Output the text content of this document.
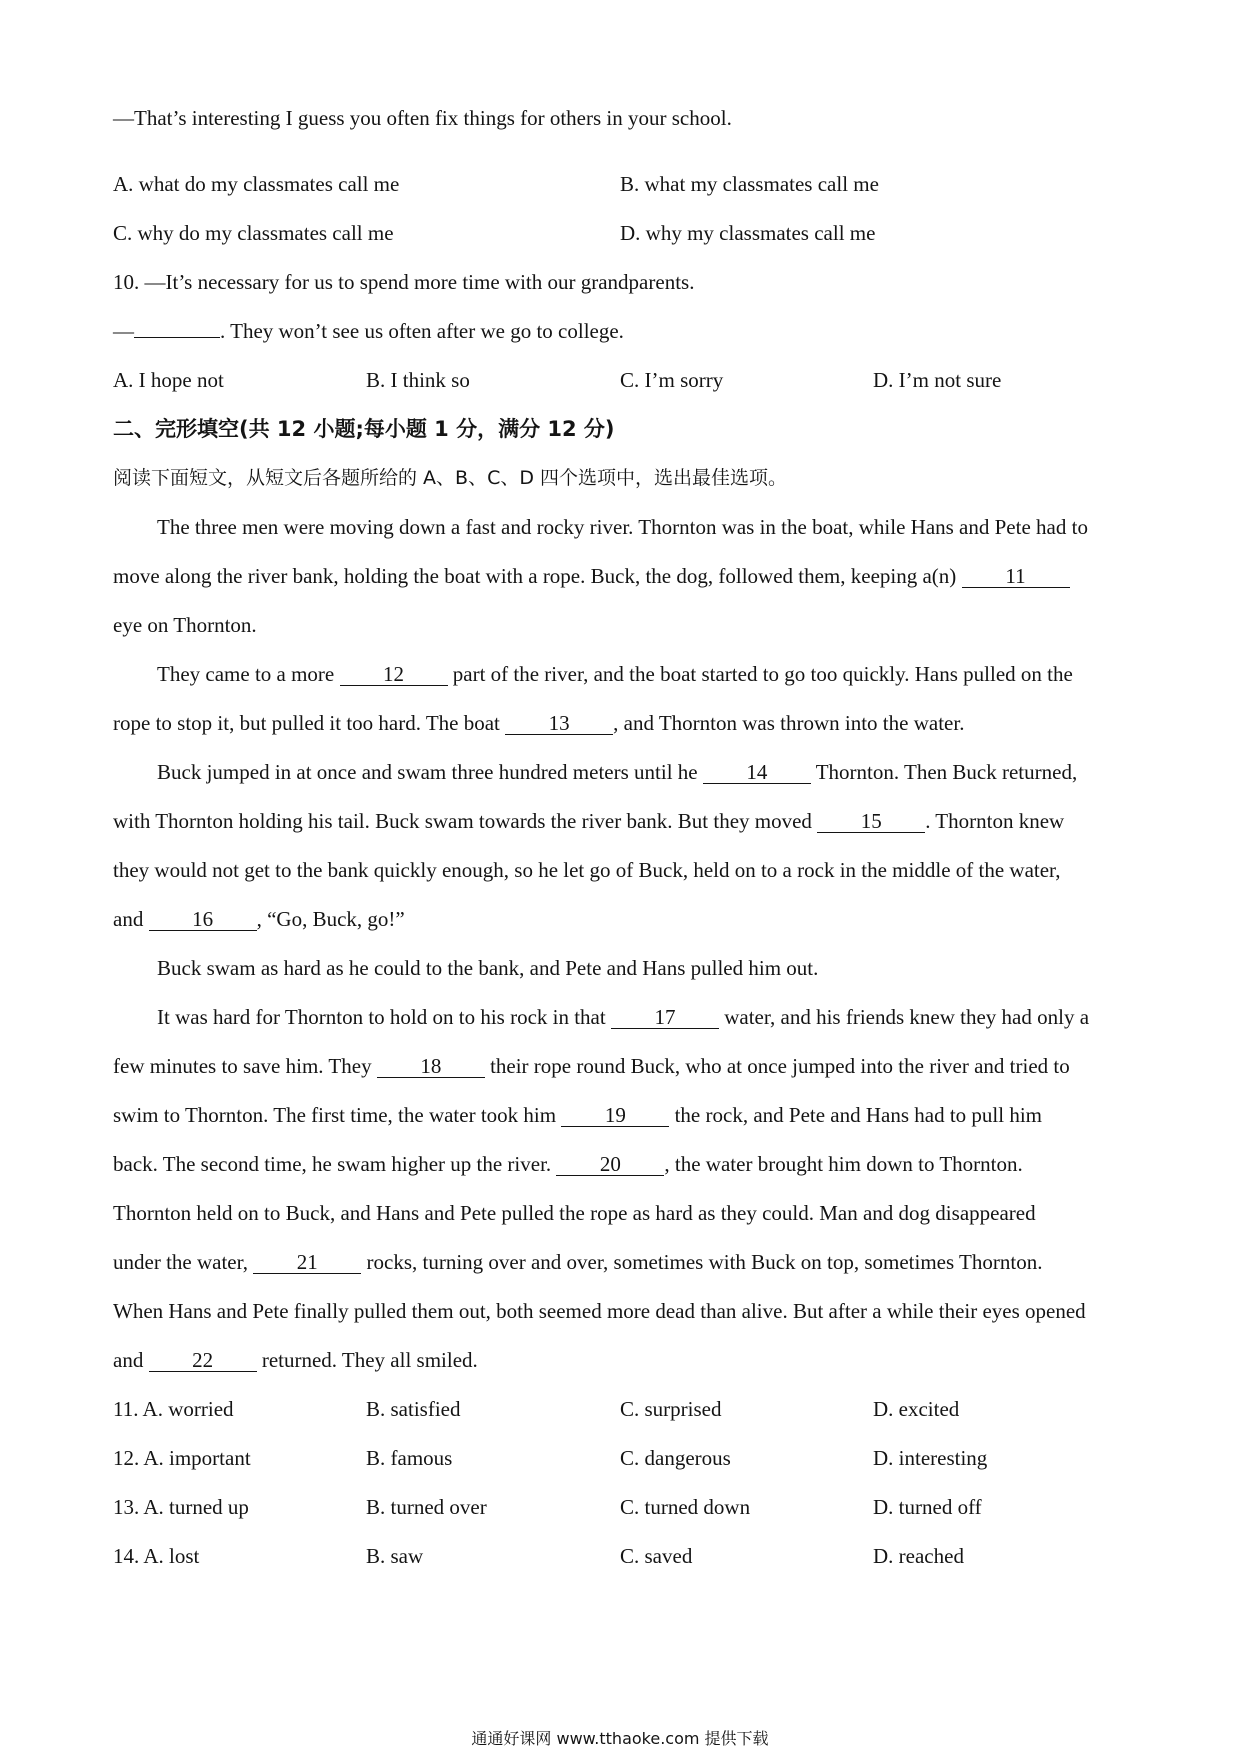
—That’s interesting I guess you often fix things for others in your school.
A. what do my classmates call me	B. what my classmates call me
C. why do my classmates call me	D. why my classmates call me
10. —It’s necessary for us to spend more time with our grandparents.
—	. They won’t see us often after we go to college.
A. I hope not	B. I think so	C. I’m sorry	D. I’m not sure
二、完形填空(共 12 小题;每小题 1 分，满分 12 分)
阅读下面短文，从短文后各题所给的 A、B、C、D 四个选项中，选出最佳选项。
The three men were moving down a fast and rocky river. Thornton was in the boat, while Hans and Pete had to
move along the river bank, holding the boat with a rope. Buck, the dog, followed them, keeping a(n) 11
eye on Thornton.
They came to a more 12 part of the river, and the boat started to go too quickly. Hans pulled on the
rope to stop it, but pulled it too hard. The boat 13 , and Thornton was thrown into the water.
Buck jumped in at once and swam three hundred meters until he 14 Thornton. Then Buck returned,
with Thornton holding his tail. Buck swam towards the river bank. But they moved 15 . Thornton knew
they would not get to the bank quickly enough, so he let go of Buck, held on to a rock in the middle of the water,
and 16 , “Go, Buck, go!”
Buck swam as hard as he could to the bank, and Pete and Hans pulled him out.
It was hard for Thornton to hold on to his rock in that 17 water, and his friends knew they had only a
few minutes to save him. They 18 their rope round Buck, who at once jumped into the river and tried to
swim to Thornton. The first time, the water took him 19 the rock, and Pete and Hans had to pull him
back. The second time, he swam higher up the river. 20 , the water brought him down to Thornton.
Thornton held on to Buck, and Hans and Pete pulled the rope as hard as they could. Man and dog disappeared
under the water, 21 rocks, turning over and over, sometimes with Buck on top, sometimes Thornton.
When Hans and Pete finally pulled them out, both seemed more dead than alive. But after a while their eyes opened
and 22 returned. They all smiled.
11. A. worried	B. satisfied	C. surprised	D. excited
12. A. important	B. famous	C. dangerous	D. interesting
13. A. turned up	B. turned over	C. turned down	D. turned off
14. A. lost	B. saw	C. saved	D. reached
通通好课网 www.tthaoke.com 提供下载
